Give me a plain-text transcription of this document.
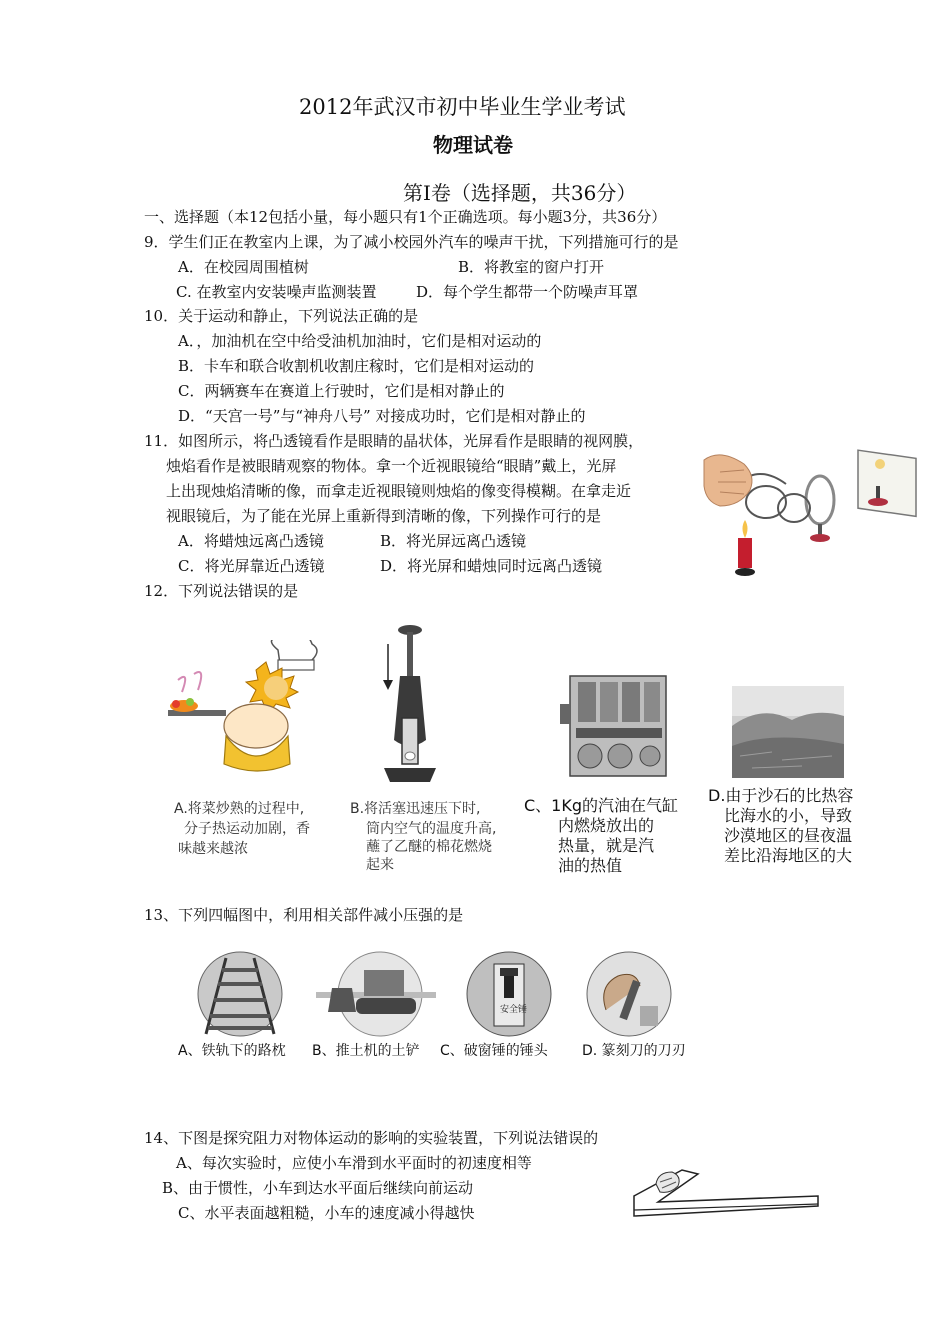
2012年武汉市初中毕业生学业考试
物理试卷
第Ⅰ卷（选择题，共36分）
一、选择题（本12包括小量，每小题只有1个正确选项。每小题3分，共36分）
9．学生们正在教室内上课，为了减小校园外汽车的噪声干扰，下列措施可行的是
A．在校园周围植树	B．将教室的窗户打开
C. 在教室内安装噪声监测装置	D．每个学生都带一个防噪声耳罩
10．关于运动和静止，下列说法正确的是
A．，加油机在空中给受油机加油时，它们是相对运动的
B．卡车和联合收割机收割庄稼时，它们是相对运动的
C．两辆赛车在赛道上行驶时，它们是相对静止的
D．“天宫一号”与“神舟八号” 对接成功时，它们是相对静止的
11．如图所示，将凸透镜看作是眼睛的晶状体，光屏看作是眼睛的视网膜，
烛焰看作是被眼睛观察的物体。拿一个近视眼镜给“眼睛”戴上，光屏
上出现烛焰清晰的像，而拿走近视眼镜则烛焰的像变得模糊。在拿走近
视眼镜后，为了能在光屏上重新得到清晰的像，下列操作可行的是
A．将蜡烛远离凸透镜	B．将光屏远离凸透镜
C．将光屏靠近凸透镜	D．将光屏和蜡烛同时远离凸透镜
12．下列说法错误的是
A.将菜炒熟的过程中,
分子热运动加剧，香
味越来越浓
B.将活塞迅速压下时,
筒内空气的温度升高,
蘸了乙醚的棉花燃烧
起来
C、1Kg的汽油在气缸
内燃烧放出的
热量，就是汽
油的热值
D.由于沙石的比热容
比海水的小，导致
沙漠地区的昼夜温
差比沿海地区的大
13、下列四幅图中，利用相关部件减小压强的是
安全锤
A、铁轨下的路枕 B、推土机的土铲 C、破窗锤的锤头 D. 篆刻刀的刀刃
14、下图是探究阻力对物体运动的影响的实验装置，下列说法错误的
A、每次实验时，应使小车滑到水平面时的初速度相等
B、由于惯性，小车到达水平面后继续向前运动
C、水平表面越粗糙，小车的速度减小得越快
